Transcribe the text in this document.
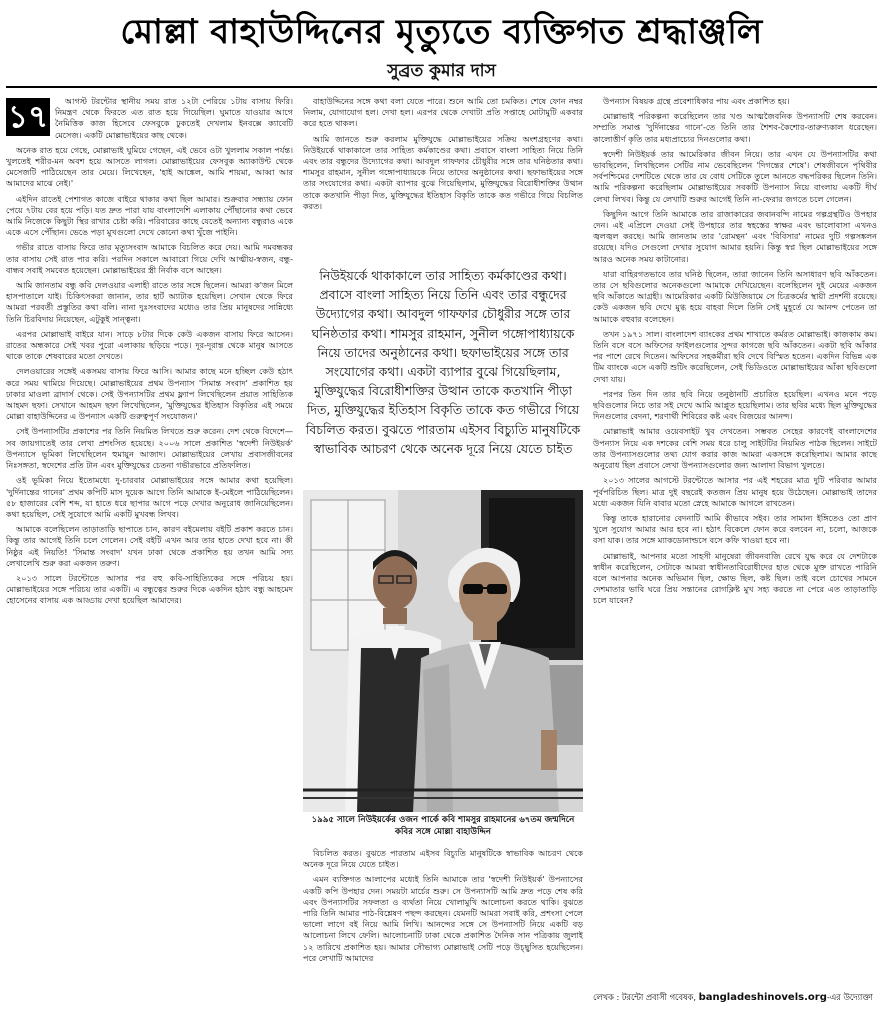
মোল্লা বাহাউদ্দিনের মৃত্যুতে ব্যক্তিগত শ্রদ্ধাঞ্জলি
সুব্রত কুমার দাস
১৭	আগস্ট টরন্টোর স্থানীয় সময় রাত ১২টা পেরিয়ে ১টায় বাসায় ফিরি। নিমন্ত্রণ থেকে ফিরতে এত রাত হয়ে গিয়েছিল। ঘুমাতে যাওয়ার আগে নৈমিত্তিক কাজ হিসেবে ফেসবুকে ঢুকতেই দেখলাম ইনবক্সে ক্যাবেটি মেসেজ। একটি মোল্লাভাইয়ের কাছ থেকে।

অনেক রাত হয়ে গেছে, মোল্লাভাই ঘুমিয়ে গেছেন, এই ভেবে ওটা খুললাম সকাল পর্যন্ত। খুলতেই শরীর-মন অবশ হয়ে আসতে লাগল। মোল্লাভাইয়ের ফেসবুক অ্যাকাউন্ট থেকে মেসেজটি পাঠিয়েছেন তার মেয়ে। লিখেছেন, 'হাই আঙ্কেল, আমি শায়মা, আব্বা আর আমাদের মাঝে নেই।'

এইদিন রাতেই পেশাগত কাজে বাইরে থাকার কথা ছিল আমার। শুক্রবার সন্ধ্যায় ফোন পেয়ে ৭টায় বের হয়ে পড়ি। যত দ্রুত পারা যায় বাংলাদেশি এলাকায় পৌঁছানোর কথা ভেবে আমি নিজেকে কিছুটা স্থির রাখার চেষ্টা করি। পরিবারের কাছে যেতেই অন্যান্য বন্ধুরাও একে একে এসে পৌঁছান। ভেঙে পড়া মুখগুলো দেখে কোনো কথা খুঁজে পাইনি।

গভীর রাতে বাসায় ফিরে তার মৃত্যুসংবাদ আমাকে বিচলিত করে দেয়। আমি দমবন্ধকর তার বাসায় সেই রাত পার করি। পরদিন সকালে আবারো গিয়ে দেখি আত্মীয়-স্বজন, বন্ধু-বান্ধব সবাই সমবেত হয়েছেন। মোল্লাভাইয়ের স্ত্রী নির্বাক বসে আছেন।

আমি জানতাম বন্ধু কবি দেলওয়ার এলাহী রাতে তার সঙ্গে ছিলেন। আমরা ক'জন মিলে হাসপাতালে যাই। চিকিৎসকরা জানান, তার হার্ট অ্যাটাক হয়েছিল। সেখান থেকে ফিরে আমরা পরবর্তী প্রস্তুতির কথা বলি। নানা দুঃসংবাদের মধ্যেও তার প্রিয় মানুষদের সান্নিধ্যে তিনি চিরবিদায় নিয়েছেন, এটুকুই সান্ত্বনা।

এরপর মোল্লাভাই বাইরে যান। সাড়ে ৮টার দিকে কেউ একজন বাসায় ফিরে আসেন। রাতের অন্ধকারে সেই খবর পুরো এলাকায় ছড়িয়ে পড়ে। দূর-দূরান্ত থেকে মানুষ আসতে থাকে তাকে শেষবারের মতো দেখতে।

দেলওয়ারের সঙ্গেই একসময় বাসায় ফিরে আসি। আমার কাছে মনে হচ্ছিল কেউ হঠাৎ করে সময় থামিয়ে দিয়েছে। মোল্লাভাইয়ের প্রথম উপন্যাস 'সিমান্ত সংবাদ' প্রকাশিত হয় ঢাকার মাওলা ব্রাদার্স থেকে। সেই উপন্যাসটির প্রথম ফ্ল্যাপ লিখেছিলেন প্রয়াত সাহিত্যিক আহমদ ছফা। সেখানে আহমদ ছফা লিখেছিলেন, 'মুক্তিযুদ্ধের ইতিহাস বিকৃতির এই সময়ে মোল্লা বাহাউদ্দিনের এ উপন্যাস একটি গুরুত্বপূর্ণ সংযোজন।'

সেই উপন্যাসটির প্রকাশের পর তিনি নিয়মিত লিখতে শুরু করেন। দেশ থেকে বিদেশে—সব জায়গাতেই তার লেখা প্রশংসিত হয়েছে। ২০০৬ সালে প্রকাশিত 'স্বদেশী নিউইয়র্ক' উপন্যাসে ভূমিকা লিখেছিলেন হুমায়ুন আজাদ। মোল্লাভাইয়ের লেখায় প্রবাসজীবনের নিঃসঙ্গতা, স্বদেশের প্রতি টান এবং মুক্তিযুদ্ধের চেতনা গভীরভাবে প্রতিফলিত।

ওই ভূমিকা নিয়ে ইতোমধ্যে দু-চারবার মোল্লাভাইয়ের সঙ্গে আমার কথা হয়েছিল। 'দুর্দিনান্তের গানের' প্রথম কপিটি মাস দুয়েক আগে তিনি আমাকে ই-মেইলে পাঠিয়েছিলেন। ৫৮ হাজারের বেশি শব্দ, যা হাতে ধরে ছাপার আগে পড়ে দেখার অনুরোধ জানিয়েছিলেন। কথা হয়েছিল, সেই সুযোগে আমি একটি মুখবন্ধ লিখব।

আমাকে বলেছিলেন তাড়াতাড়ি ছাপাতে চান, কারণ বইমেলায় বইটি প্রকাশ করতে চান। কিন্তু তার আগেই তিনি চলে গেলেন। সেই বইটি এখন আর তার হাতে দেখা হবে না। কী নিষ্ঠুর এই নিয়তি! 'সিমান্ত সংবাদ' যখন ঢাকা থেকে প্রকাশিত হয় তখন আমি সদ্য লেখালেখি শুরু করা একজন তরুণ।

২০১৩ সালে টরন্টোতে আসার পর বহু কবি-সাহিত্যিকের সঙ্গে পরিচয় হয়। মোল্লাভাইয়ের সঙ্গে পরিচয় তার একটি। এ বন্ধুত্বের শুরুর দিকে একদিন হঠাৎ বন্ধু আহমেদ হোসেনের বাসায় এক আড্ডায় দেখা হয়েছিল আমাদের।

বাহাউদ্দিনের সঙ্গে কথা বলা যেতে পারে। শুনে আমি তো চমকিত। শেষে ফোন নম্বর নিলাম, যোগাযোগ হল। দেখা হল। এরপর থেকে দেখাটা প্রতি সপ্তাহে মোটামুটি একবার করে হতে থাকল।

আমি জানতে শুরু করলাম মুক্তিযুদ্ধে মোল্লাভাইয়ের সক্রিয় অংশগ্রহণের কথা। নিউইয়র্কে থাকাকালে তার সাহিত্য কর্মকাণ্ডের কথা। প্রবাসে বাংলা সাহিত্য নিয়ে তিনি এবং তার বন্ধুদের উদ্যোগের কথা। আবদুল গাফফার চৌধুরীর সঙ্গে তার ঘনিষ্ঠতার কথা। শামসুর রাহমান, সুনীল গঙ্গোপাধ্যায়কে নিয়ে তাদের অনুষ্ঠানের কথা। ছফাভাইয়ের সঙ্গে তার সংযোগের কথা। একটা ব্যাপার বুঝে গিয়েছিলাম, মুক্তিযুদ্ধের বিরোধীশক্তির উত্থান তাকে কতখানি পীড়া দিত, মুক্তিযুদ্ধের ইতিহাস বিকৃতি তাকে কত গভীরে গিয়ে বিচলিত করত।

নিউইয়র্কে থাকাকালে তার সাহিত্য কর্মকাণ্ডের কথা। প্রবাসে বাংলা সাহিত্য নিয়ে তিনি এবং তার বন্ধুদের উদ্যোগের কথা। আবদুল গাফফার চৌধুরীর সঙ্গে তার ঘনিষ্ঠতার কথা। শামসুর রাহমান, সুনীল গঙ্গোপাধ্যায়কে নিয়ে তাদের অনুষ্ঠানের কথা। ছফাভাইয়ের সঙ্গে তার সংযোগের কথা। একটা ব্যাপার বুঝে গিয়েছিলাম, মুক্তিযুদ্ধের বিরোধীশক্তির উত্থান তাকে কতখানি পীড়া দিত, মুক্তিযুদ্ধের ইতিহাস বিকৃতি তাকে কত গভীরে গিয়ে বিচলিত করত। বুঝতে পারতাম এইসব বিচ্যুতি মানুষটিকে স্বাভাবিক আচরণ থেকে অনেক দূরে নিয়ে যেতে চাইত
১৯৯৫ সালে নিউইয়র্কের ওজন পার্কে কবি শামসুর রাহমানের ৬৭তম জন্মদিনে কবির সঙ্গে মোল্লা বাহাউদ্দিন

বিচলিত করত। বুঝতে পারতাম এইসব বিচ্যুতি মানুষটিকে স্বাভাবিক আচরণ থেকে অনেক দূরে নিয়ে যেতে চাইত।

এমন ব্যক্তিগত আলাপের মধ্যেই তিনি আমাকে তার 'স্বদেশী নিউইয়র্ক' উপন্যাসের একটি কপি উপহার দেন। সময়টা মার্চের শুরু। সে উপন্যাসটি আমি দ্রুত পড়ে শেষ করি এবং উপন্যাসটির সফলতা ও ব্যর্থতা নিয়ে খোলামুখি আলোচনা করতে থাকি। বুঝতে পারি তিনি আমার পাঠ-বিশ্লেষণ পছন্দ করছেন। যেমনটি আমরা সবাই করি, প্রশংসা পেলে ভালো লাগে বই নিয়ে আমি লিখি। আনন্দের সঙ্গে সে উপন্যাসটি নিয়ে একটি বড় আলোচনা লিখে ফেলি। আলোচনাটি ঢাকা থেকে প্রকাশিত দৈনিক সান পত্রিকায় জুলাই ১২ তারিখে প্রকাশিত হয়। আমার সৌভাগ্য মোল্লাভাই সেটি পড়ে উচ্ছ্বসিত হয়েছিলেন। পরে লেখাটি আমাদের

উপন্যাস বিষয়ক গ্রন্থে প্রবেশাধিকার পায় এবং প্রকাশিত হয়।

মোল্লাভাই পরিকল্পনা করেছিলেন তার খণ্ড আত্মজৈবনিক উপন্যাসটি শেষ করবেন। সম্প্রতি সমাপ্ত 'দুর্দিনান্তের গানে'-তে তিনি তার শৈশব-কৈশোর-তারুণ্যকাল ধরেছেন। কালোত্তীর্ণ কৃতি তার মধ্যপ্রাচ্যের দিনগুলোর কথা।

স্বদেশী নিউইয়র্ক তার আমেরিকার জীবন নিয়ে। তার এখন যে উপন্যাসটির কথা ভাবছিলেন, লিখছিলেন সেটির নাম ভেবেছিলেন 'দিগন্তের শেষে'। শেষজীবনে পৃথিবীর সর্বপশ্চিমের দেশটিতে থেকে তার যে বোধ সেটিকে তুলে আনতে বদ্ধপরিকর ছিলেন তিনি। আমি পরিকল্পনা করেছিলাম মোল্লাভাইয়ের সবকটি উপন্যাস নিয়ে বাংলায় একটি দীর্ঘ লেখা লিখব। কিন্তু যে লেখাটি শুরুর আগেই তিনি না-ফেরার জগতে চলে গেলেন।

কিছুদিন আগে তিনি আমাকে তার রাজাকারের জবানবন্দি নামের গল্পগ্রন্থটিও উপহার দেন। এই এপ্রিলে দেওয়া সেই উপহারে তার স্বহস্তের স্বাক্ষর এবং ভালোবাসা এখনও জ্বলজ্বল করছে। আমি জানতাম তার 'রোমন্থন' এবং 'বিবিসার' নামের দুটি গল্পসঙ্কলন রয়েছে। যদিও সেগুলো দেখার সুযোগ আমার হয়নি। কিন্তু স্বপ্ন ছিল মোল্লাভাইয়ের সঙ্গে আরও অনেক সময় কাটানোর।

যারা বাহিরগতভাবে তার ঘনিষ্ঠ ছিলেন, তারা জানেন তিনি অসাধারণ ছবি আঁকতেন। তার সে ছবিগুলোর অনেকগুলো আমাকে দেখিয়েছেন। বলেছিলেন দুই মেয়ের একজন ছবি আঁকাতে আগ্রহী। আমেরিকার একটি মিউজিয়ামে সে চিত্রকর্মের স্থায়ী প্রদর্শনী রয়েছে। কেউ একজন ছবি দেখে মুগ্ধ হয়ে বাহবা দিলে তিনি সেই মুহূর্তে যে আনন্দ পেতেন তা আমাকে বহুবার বলেছেন।

তখন ১৯৭১ সাল। বাংলাদেশ ব্যাংকের প্রথম শাখাতে কর্মরত মোল্লাভাই। কাজকাম কম। তিনি বসে বসে অফিসের ফাইলগুলোর সুন্দর কাগজে ছবি আঁকতেন। একটা ছবি আঁকার পর পাশে রেখে দিতেন। অফিসের সহকর্মীরা ছবি দেখে বিস্মিত হতেন। একদিন বিভিন্ন এক টিম ব্যাংকে এসে একটি শুটিং করেছিলেন, সেই ভিডিওতে মোল্লাভাইয়ের আঁকা ছবিগুলো দেখা যায়।

পরপর তিন দিন তার ছবি নিয়ে তনুষ্ঠানটি প্রচারিত হয়েছিল। এখনও মনে পড়ে ছবিগুলোর নিচে তার সই দেখে আমি আপ্লুত হয়েছিলাম। তার ছবির মধ্যে ছিল মুক্তিযুদ্ধের দিনগুলোর বেদনা, শরণার্থী শিবিরের কষ্ট এবং বিজয়ের আনন্দ।

মোল্লাভাই আমার ওয়েবসাইট খুব দেখতেন। সম্ভবত সেহের কারণেই বাংলাদেশের উপন্যাস নিয়ে এক দশকের বেশি সময় ধরে চালু সাইটটির নিয়মিত পাঠক ছিলেন। সাইটে তার উপন্যাসগুলোর তথ্য যোগ করার কাজ আমরা একসঙ্গে করেছিলাম। আমার কাছে অনুরোধ ছিল প্রবাসে লেখা উপন্যাসগুলোর জন্য আলাদা বিভাগ খুলতে।

২০১৩ সালের আগস্টে টরন্টোতে আসার পর এই শহরের মাত্র দুটি পরিবার আমার পূর্বপরিচিত ছিল। মাত্র দুই বছরেই কতজন প্রিয় মানুষ হয়ে উঠেছেন। মোল্লাভাই তাদের মধ্যে একজন যিনি বাবার মতো স্নেহে আমাকে আগলে রাখতেন।

কিন্তু তাকে হারানোর বেদনাটি আমি কীভাবে সইব। তার সামান্য ইঙ্গিতেও তো প্রাণ খুলে সুযোগ আমার আর হবে না। হঠাৎ বিকেলে ফোন করে বলবেন না, চলো, আজকে বসা যাক। তার সঙ্গে ম্যাকডোনাল্ডসে বসে কফি খাওয়া হবে না।

মোল্লাভাই, আপনার মতো সাহসী মানুষেরা জীবনবাজি রেখে যুদ্ধ করে যে দেশটাকে স্বাধীন করেছিলেন, সেটাকে আমরা স্বাধীনতাবিরোধীদের হাত থেকে মুক্ত রাখতে পারিনি বলে আপনার অনেক অভিমান ছিল, ক্ষোভ ছিল, কষ্ট ছিল। তাই বলে চোখের সামনে দেশমাতার ভাবি ঘরে প্রিয় সন্তানের রোগক্লিষ্ট মুখ সহ্য করতে না পেরে এত তাড়াতাড়ি চলে যাবেন?

লেখক : টরন্টো প্রবাসী গবেষক, bangladeshinovels.org-এর উদ্যোক্তা
